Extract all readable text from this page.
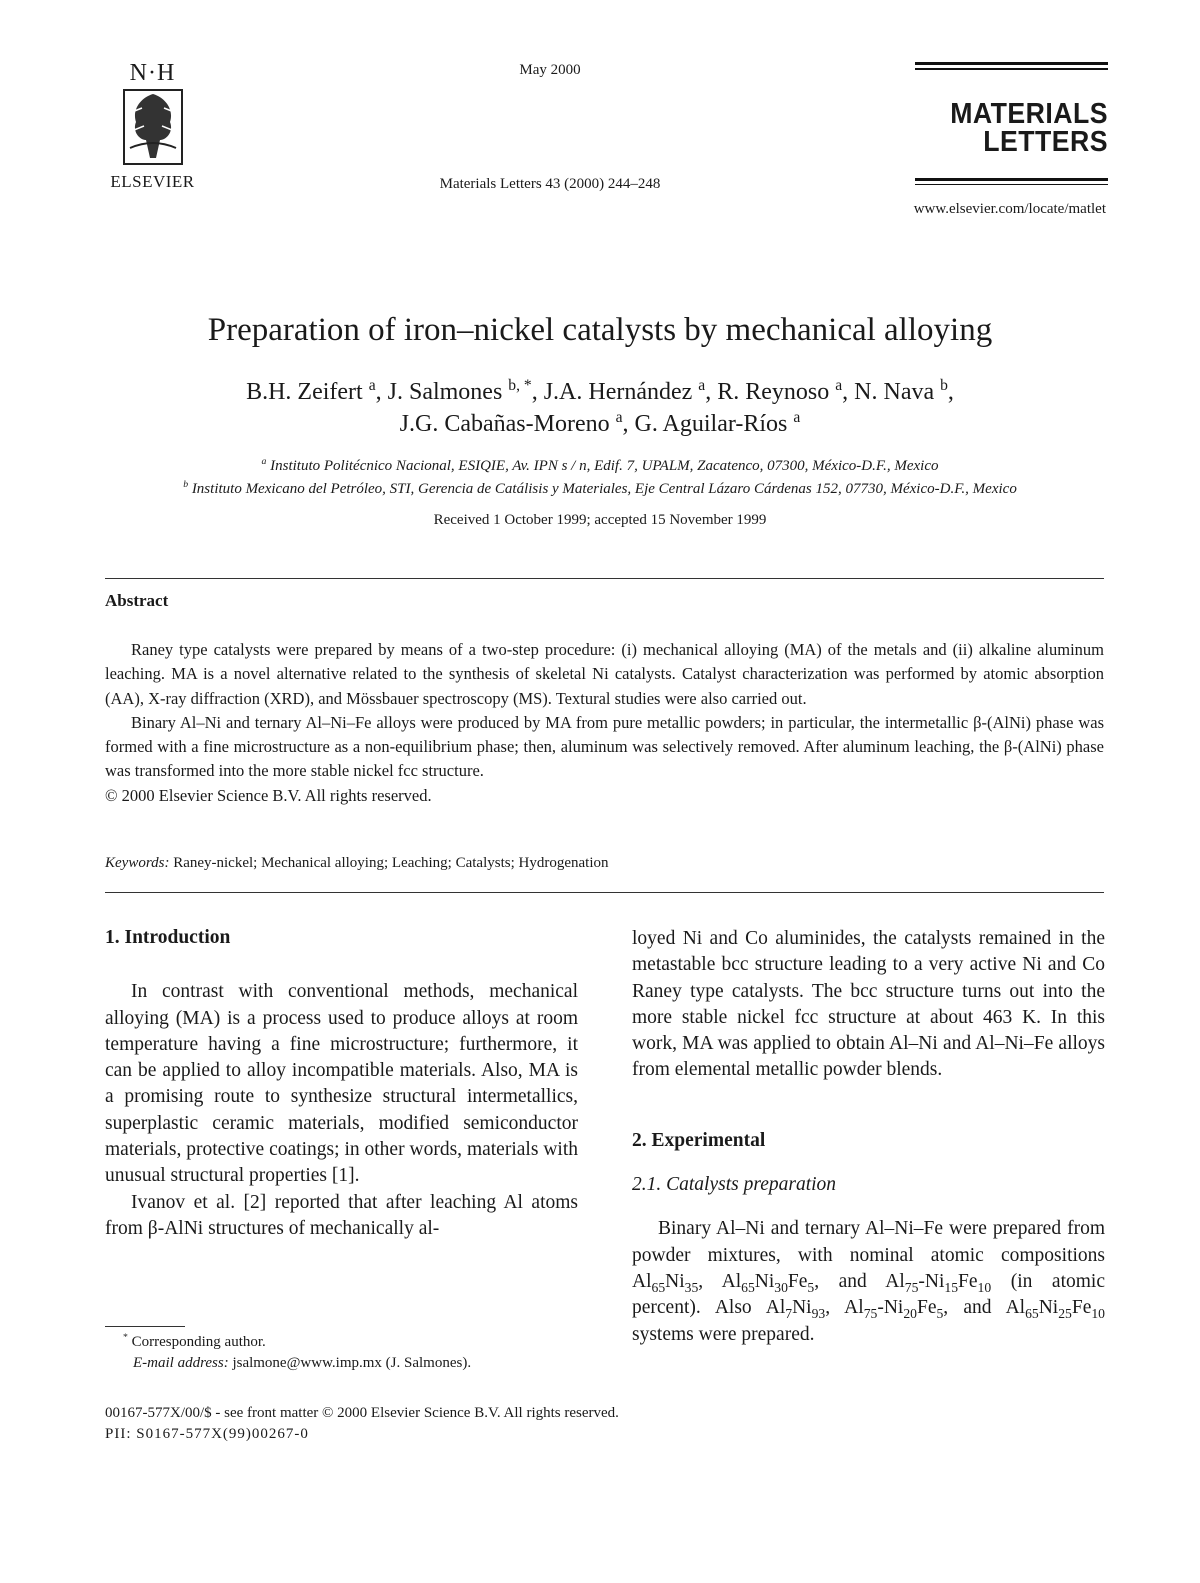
N·H
ELSEVIER
May 2000
Materials Letters 43 (2000) 244–248
MATERIALS
LETTERS
www.elsevier.com/locate/matlet
Preparation of iron–nickel catalysts by mechanical alloying
B.H. Zeifert $^a$, J. Salmones $^{b, *}$, J.A. Hernández $^a$, R. Reynoso $^a$, N. Nava $^b$,
J.G. Cabañas-Moreno $^a$, G. Aguilar-Ríos $^a$
$^a$ Instituto Politécnico Nacional, ESIQIE, Av. IPN s / n, Edif. 7, UPALM, Zacatenco, 07300, México-D.F., Mexico
$^b$ Instituto Mexicano del Petróleo, STI, Gerencia de Catálisis y Materiales, Eje Central Lázaro Cárdenas 152, 07730, México-D.F., Mexico
Received 1 October 1999; accepted 15 November 1999
Abstract

Raney type catalysts were prepared by means of a two-step procedure: (i) mechanical alloying (MA) of the metals and (ii) alkaline aluminum leaching. MA is a novel alternative related to the synthesis of skeletal Ni catalysts. Catalyst characterization was performed by atomic absorption (AA), X-ray diffraction (XRD), and Mössbauer spectroscopy (MS). Textural studies were also carried out.

Binary Al–Ni and ternary Al–Ni–Fe alloys were produced by MA from pure metallic powders; in particular, the intermetallic β-(AlNi) phase was formed with a fine microstructure as a non-equilibrium phase; then, aluminum was selectively removed. After aluminum leaching, the β-(AlNi) phase was transformed into the more stable nickel fcc structure.

© 2000 Elsevier Science B.V. All rights reserved.
Keywords: Raney-nickel; Mechanical alloying; Leaching; Catalysts; Hydrogenation
1. Introduction

In contrast with conventional methods, mechanical alloying (MA) is a process used to produce alloys at room temperature having a fine microstructure; furthermore, it can be applied to alloy incompatible materials. Also, MA is a promising route to synthesize structural intermetallics, superplastic ceramic materials, modified semiconductor materials, protective coatings; in other words, materials with unusual structural properties [1].

Ivanov et al. [2] reported that after leaching Al atoms from β-AlNi structures of mechanically al-

loyed Ni and Co aluminides, the catalysts remained in the metastable bcc structure leading to a very active Ni and Co Raney type catalysts. The bcc structure turns out into the more stable nickel fcc structure at about 463 K. In this work, MA was applied to obtain Al–Ni and Al–Ni–Fe alloys from elemental metallic powder blends.

2. Experimental
2.1. Catalysts preparation

Binary Al–Ni and ternary Al–Ni–Fe were prepared from powder mixtures, with nominal atomic compositions $Al_{65}Ni_{35}$, $Al_{65}Ni_{30}Fe_5$, and $Al_{75}-Ni_{15}Fe_{10}$ (in atomic percent). Also $Al_7Ni_{93}$, $Al_{75}-Ni_{20}Fe_5$, and $Al_{65}Ni_{25}Fe_{10}$ systems were prepared.

* Corresponding author.
E-mail address: jsalmone@www.imp.mx (J. Salmones).
00167-577X/00/$ - see front matter © 2000 Elsevier Science B.V. All rights reserved.
PII: S0167-577X(99)00267-0
